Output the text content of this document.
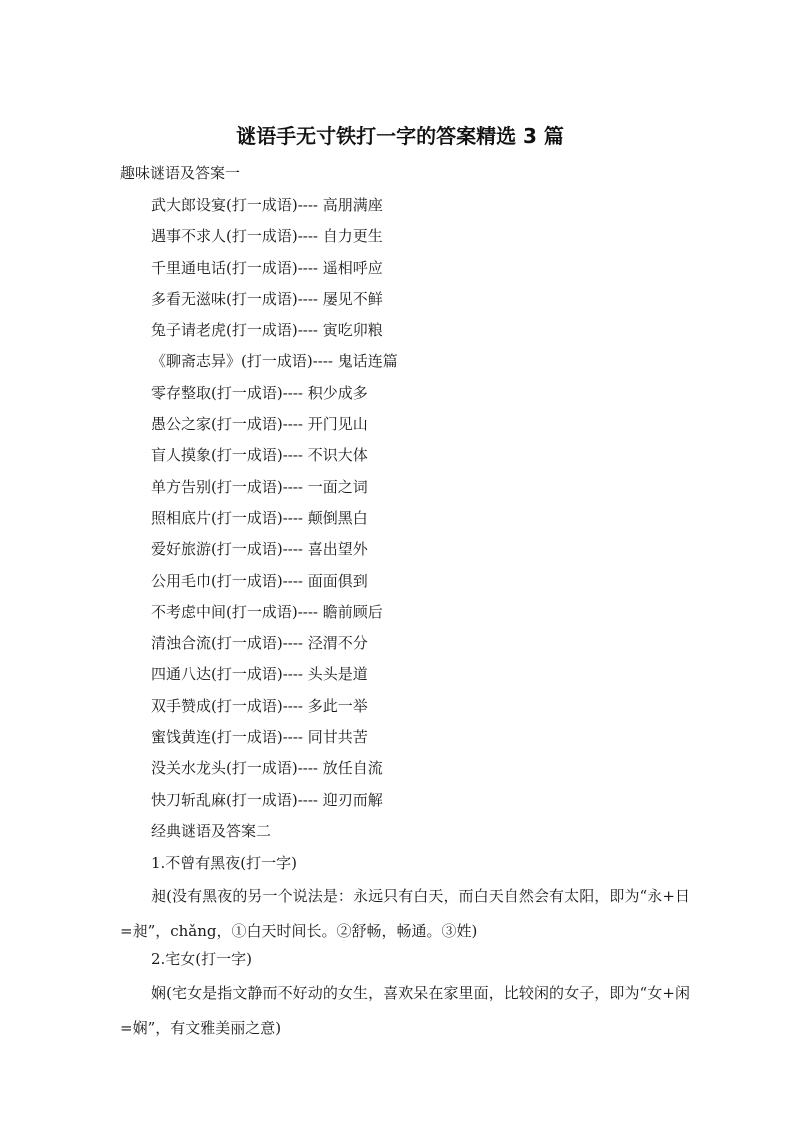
谜语手无寸铁打一字的答案精选 3 篇
趣味谜语及答案一
武大郎设宴(打一成语)---- 高朋满座
遇事不求人(打一成语)---- 自力更生
千里通电话(打一成语)---- 遥相呼应
多看无滋味(打一成语)---- 屡见不鲜
兔子请老虎(打一成语)---- 寅吃卯粮
《聊斋志异》(打一成语)---- 鬼话连篇
零存整取(打一成语)---- 积少成多
愚公之家(打一成语)---- 开门见山
盲人摸象(打一成语)---- 不识大体
单方告别(打一成语)---- 一面之词
照相底片(打一成语)---- 颠倒黑白
爱好旅游(打一成语)---- 喜出望外
公用毛巾(打一成语)---- 面面俱到
不考虑中间(打一成语)---- 瞻前顾后
清浊合流(打一成语)---- 泾渭不分
四通八达(打一成语)---- 头头是道
双手赞成(打一成语)---- 多此一举
蜜饯黄连(打一成语)---- 同甘共苦
没关水龙头(打一成语)---- 放任自流
快刀斩乱麻(打一成语)---- 迎刃而解
经典谜语及答案二
1.不曾有黑夜(打一字)

昶(没有黑夜的另一个说法是：永远只有白天，而白天自然会有太阳，即为“永+日=昶”，chǎng，①白天时间长。②舒畅，畅通。③姓)

2.宅女(打一字)

娴(宅女是指文静而不好动的女生，喜欢呆在家里面，比较闲的女子，即为“女+闲=娴”，有文雅美丽之意)
